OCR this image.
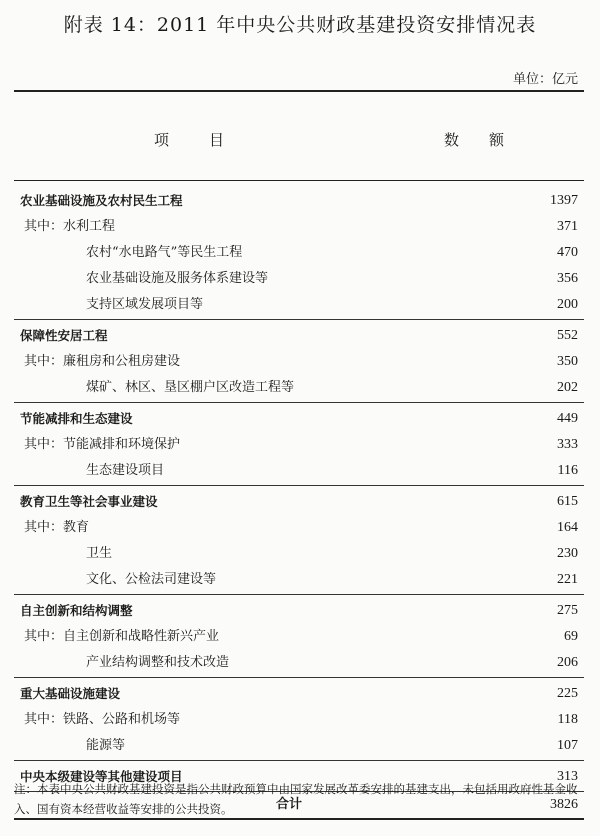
附表 14：2011 年中央公共财政基建投资安排情况表
单位：亿元
项目	数额
农业基础设施及农村民生工程	1397
其中：水利工程	371
农村“水电路气”等民生工程	470
农业基础设施及服务体系建设等	356
支持区域发展项目等	200
保障性安居工程	552
其中：廉租房和公租房建设	350
煤矿、林区、垦区棚户区改造工程等	202
节能减排和生态建设	449
其中：节能减排和环境保护	333
生态建设项目	116
教育卫生等社会事业建设	615
其中：教育	164
卫生	230
文化、公检法司建设等	221
自主创新和结构调整	275
其中：自主创新和战略性新兴产业	69
产业结构调整和技术改造	206
重大基础设施建设	225
其中：铁路、公路和机场等	118
能源等	107
中央本级建设等其他建设项目	313
合计	3826
注：本表中央公共财政基建投资是指公共财政预算中由国家发展改革委安排的基建支出，未包括用政府性基金收入、国有资本经营收益等安排的公共投资。
